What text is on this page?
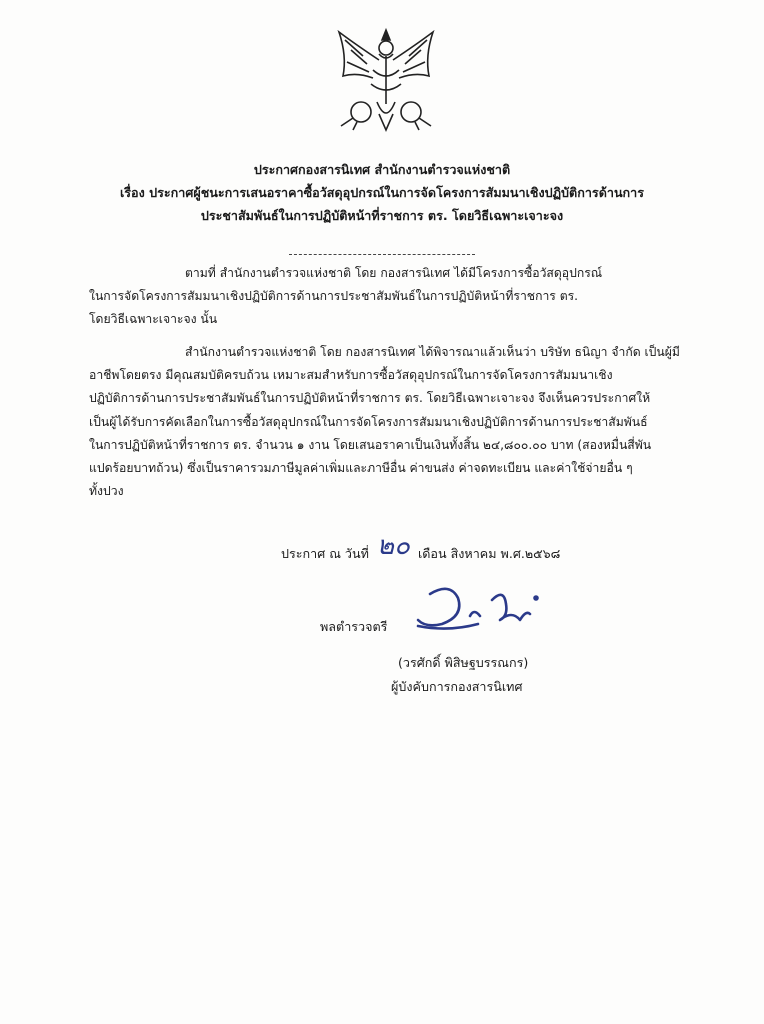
ประกาศกองสารนิเทศ สำนักงานตำรวจแห่งชาติ
เรื่อง ประกาศผู้ชนะการเสนอราคาซื้อวัสดุอุปกรณ์ในการจัดโครงการสัมมนาเชิงปฏิบัติการด้านการ
ประชาสัมพันธ์ในการปฏิบัติหน้าที่ราชการ ตร. โดยวิธีเฉพาะเจาะจง
ตามที่ สำนักงานตำรวจแห่งชาติ โดย กองสารนิเทศ ได้มีโครงการซื้อวัสดุอุปกรณ์
ในการจัดโครงการสัมมนาเชิงปฏิบัติการด้านการประชาสัมพันธ์ในการปฏิบัติหน้าที่ราชการ ตร.
โดยวิธีเฉพาะเจาะจง นั้น
สำนักงานตำรวจแห่งชาติ โดย กองสารนิเทศ ได้พิจารณาแล้วเห็นว่า บริษัท ธนิญา จำกัด เป็นผู้มี
อาชีพโดยตรง มีคุณสมบัติครบถ้วน เหมาะสมสำหรับการซื้อวัสดุอุปกรณ์ในการจัดโครงการสัมมนาเชิง
ปฏิบัติการด้านการประชาสัมพันธ์ในการปฏิบัติหน้าที่ราชการ ตร. โดยวิธีเฉพาะเจาะจง จึงเห็นควรประกาศให้
เป็นผู้ได้รับการคัดเลือกในการซื้อวัสดุอุปกรณ์ในการจัดโครงการสัมมนาเชิงปฏิบัติการด้านการประชาสัมพันธ์
ในการปฏิบัติหน้าที่ราชการ ตร. จำนวน ๑ งาน โดยเสนอราคาเป็นเงินทั้งสิ้น ๒๔,๘๐๐.๐๐ บาท (สองหมื่นสี่พัน
แปดร้อยบาทถ้วน) ซึ่งเป็นราคารวมภาษีมูลค่าเพิ่มและภาษีอื่น ค่าขนส่ง ค่าจดทะเบียน และค่าใช้จ่ายอื่น ๆ
ทั้งปวง
ประกาศ ณ วันที่ ๒๐ เดือน สิงหาคม พ.ศ.๒๕๖๘
พลตำรวจตรี
(วรศักดิ์ พิสิษฐบรรณกร)
ผู้บังคับการกองสารนิเทศ
